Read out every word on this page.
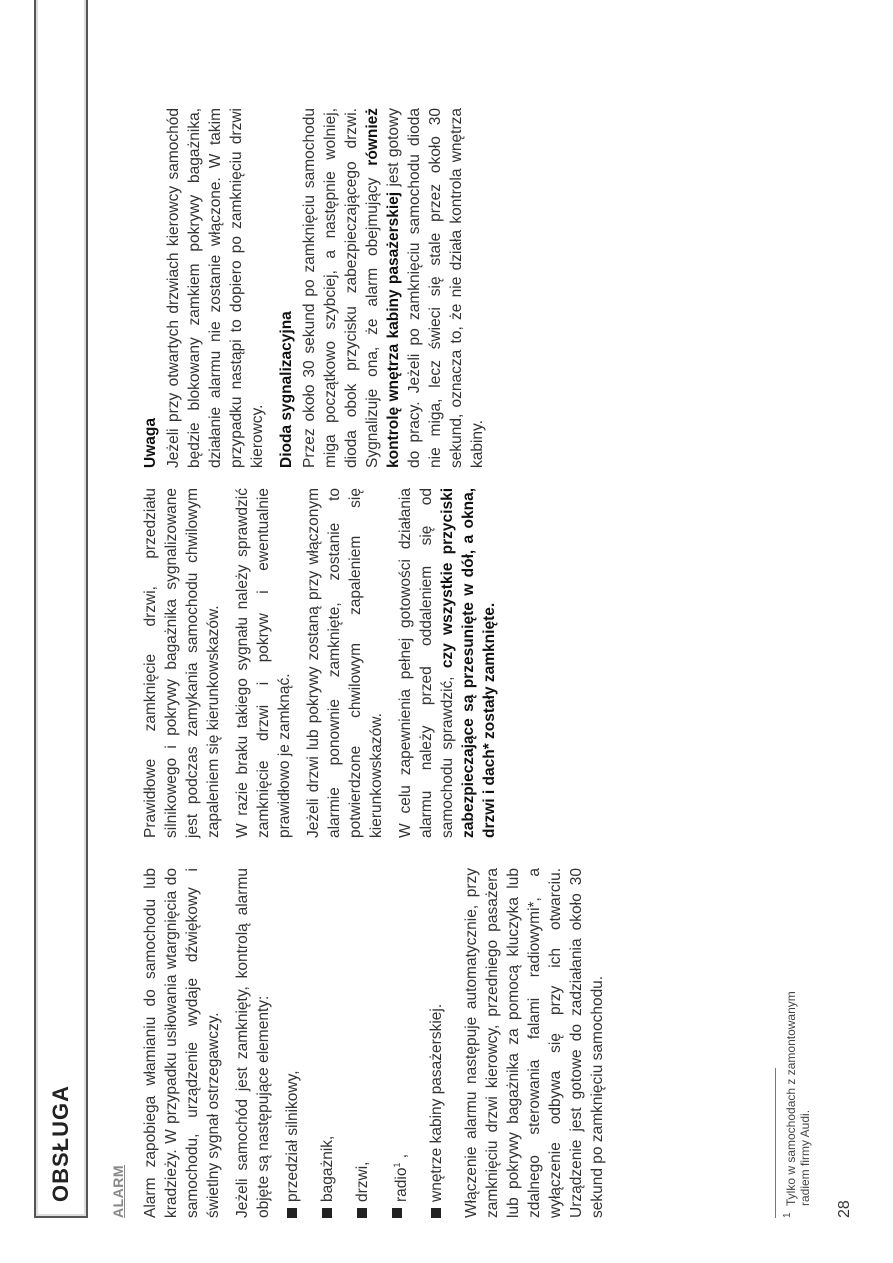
OBSŁUGA	ALARM Alarm zapobiega włamianiu do samochodu lub kradzieży. W przypadku usiłowania wtargnięcia do samochodu, urządzenie wydaje dźwiękowy i świetlny sygnał ostrzegawczy. Jeżeli samochód jest zamknięty, kontrolą alarmu objęte są następujące elementy: przedział silnikowy, bagażnik, drzwi,	radio$^1$ , wnętrze kabiny pasażerskiej. Włączenie alarmu następuje automatycznie, przy zamknięciu drzwi kierowcy, przedniego pasażera lub pokrywy bagażnika za pomocą kluczyka lub zdalnego sterowania falami radiowymi*, a wyłączenie odbywa się przy ich otwarciu. Urządzenie jest gotowe do zadziałania około 30 sekund po zamknięciu samochodu.

Prawidłowe zamknięcie drzwi, przedziału silnikowego i pokrywy bagażnika sygnalizowane jest podczas zamykania samochodu chwilowym zapaleniem się kierunkowskazów. W razie braku takiego sygnału należy sprawdzić zamknięcie drzwi i pokryw i ewentualnie prawidłowo je zamknąć. Jeżeli drzwi lub pokrywy zostaną przy włączonym alarmie ponownie zamknięte, zostanie to potwierdzone chwilowym zapaleniem się kierunkowskazów. W celu zapewnienia pełnej gotowości działania alarmu należy przed oddaleniem się od samochodu sprawdzić, czy wszystkie przyciski zabezpieczające są przesunięte w dół, a okna, drzwi i dach* zostały zamknięte.

Uwaga Jeżeli przy otwartych drzwiach kierowcy samochód będzie blokowany zamkiem pokrywy bagażnika, działanie alarmu nie zostanie włączone. W takim przypadku nastąpi to dopiero po zamknięciu drzwi kierowcy. Dioda sygnalizacyjna Przez około 30 sekund po zamknięciu samochodu miga początkowo szybciej, a następnie wolniej, dioda obok przycisku zabezpieczającego drzwi. Sygnalizuje ona, że alarm obejmujący również kontrolę wnętrza kabiny pasażerskiej jest gotowy do pracy. Jeżeli po zamknięciu samochodu dioda nie miga, lecz świeci się stale przez około 30 sekund, oznacza to, że nie działa kontrola wnętrza kabiny.

1
Tylko w samochodach z zamontowanym radiem firmy Audi.
28
